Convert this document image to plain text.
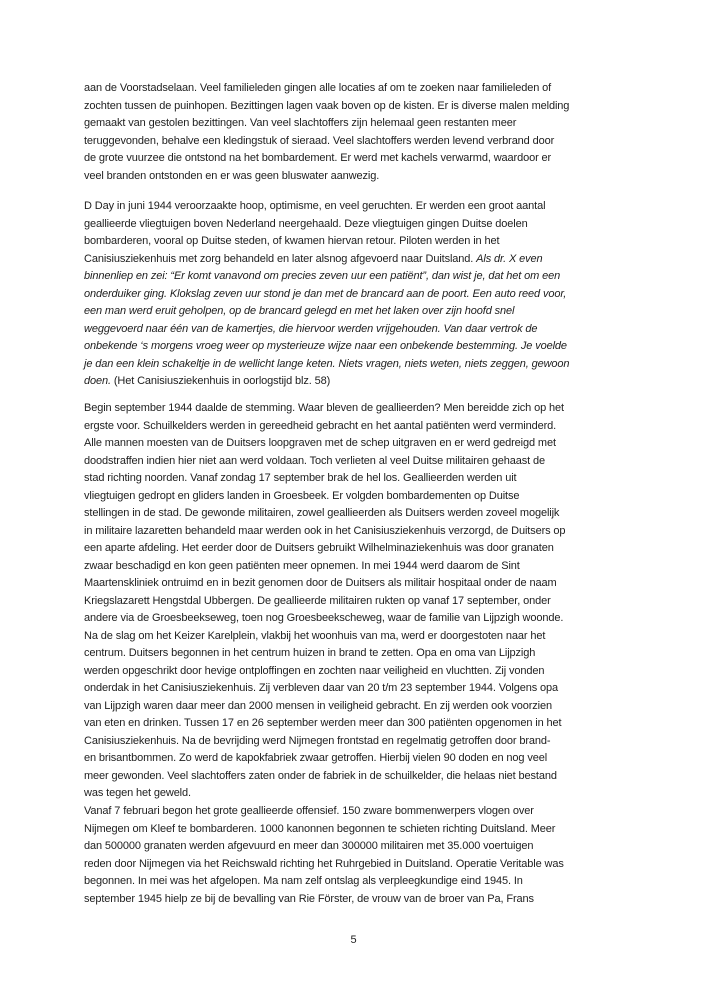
aan de Voorstadselaan. Veel familieleden gingen alle locaties af om te zoeken naar familieleden of
zochten tussen de puinhopen. Bezittingen lagen vaak boven op de kisten. Er is diverse malen melding
gemaakt van gestolen bezittingen. Van veel slachtoffers zijn helemaal geen restanten meer
teruggevonden, behalve een kledingstuk of sieraad. Veel slachtoffers werden levend verbrand door
de grote vuurzee die ontstond na het bombardement. Er werd met kachels verwarmd, waardoor er
veel branden ontstonden en er was geen bluswater aanwezig.
D Day in juni 1944 veroorzaakte hoop, optimisme, en veel geruchten. Er werden een groot aantal
geallieerde vliegtuigen boven Nederland neergehaald. Deze vliegtuigen gingen Duitse doelen
bombarderen, vooral op Duitse steden, of kwamen hiervan retour. Piloten werden in het
Canisiusziekenhuis met zorg behandeld en later alsnog afgevoerd naar Duitsland. Als dr. X even
binnenliep en zei: “Er komt vanavond om precies zeven uur een patiënt”, dan wist je, dat het om een
onderduiker ging. Klokslag zeven uur stond je dan met de brancard aan de poort. Een auto reed voor,
een man werd eruit geholpen, op de brancard gelegd en met het laken over zijn hoofd snel
weggevoerd naar één van de kamertjes, die hiervoor werden vrijgehouden. Van daar vertrok de
onbekende ‘s morgens vroeg weer op mysterieuze wijze naar een onbekende bestemming. Je voelde
je dan een klein schakeltje in de wellicht lange keten. Niets vragen, niets weten, niets zeggen, gewoon
doen. (Het Canisiusziekenhuis in oorlogstijd blz. 58)
Begin september 1944 daalde de stemming. Waar bleven de geallieerden? Men bereidde zich op het
ergste voor. Schuilkelders werden in gereedheid gebracht en het aantal patiënten werd verminderd.
Alle mannen moesten van de Duitsers loopgraven met de schep uitgraven en er werd gedreigd met
doodstraffen indien hier niet aan werd voldaan. Toch verlieten al veel Duitse militairen gehaast de
stad richting noorden. Vanaf zondag 17 september brak de hel los. Geallieerden werden uit
vliegtuigen gedropt en gliders landen in Groesbeek. Er volgden bombardementen op Duitse
stellingen in de stad. De gewonde militairen, zowel geallieerden als Duitsers werden zoveel mogelijk
in militaire lazaretten behandeld maar werden ook in het Canisiusziekenhuis verzorgd, de Duitsers op
een aparte afdeling. Het eerder door de Duitsers gebruikt Wilhelminaziekenhuis was door granaten
zwaar beschadigd en kon geen patiënten meer opnemen. In mei 1944 werd daarom de Sint
Maartenskliniek ontruimd en in bezit genomen door de Duitsers als militair hospitaal onder de naam
Kriegslazarett Hengstdal Ubbergen. De geallieerde militairen rukten op vanaf 17 september, onder
andere via de Groesbeekseweg, toen nog Groesbeekscheweg, waar de familie van Lijpzigh woonde.
Na de slag om het Keizer Karelplein, vlakbij het woonhuis van ma, werd er doorgestoten naar het
centrum. Duitsers begonnen in het centrum huizen in brand te zetten. Opa en oma van Lijpzigh
werden opgeschrikt door hevige ontploffingen en zochten naar veiligheid en vluchtten. Zij vonden
onderdak in het Canisiusziekenhuis. Zij verbleven daar van 20 t/m 23 september 1944. Volgens opa
van Lijpzigh waren daar meer dan 2000 mensen in veiligheid gebracht. En zij werden ook voorzien
van eten en drinken. Tussen 17 en 26 september werden meer dan 300 patiënten opgenomen in het
Canisiusziekenhuis. Na de bevrijding werd Nijmegen frontstad en regelmatig getroffen door brand-
en brisantbommen. Zo werd de kapokfabriek zwaar getroffen. Hierbij vielen 90 doden en nog veel
meer gewonden. Veel slachtoffers zaten onder de fabriek in de schuilkelder, die helaas niet bestand
was tegen het geweld.
Vanaf 7 februari begon het grote geallieerde offensief. 150 zware bommenwerpers vlogen over
Nijmegen om Kleef te bombarderen. 1000 kanonnen begonnen te schieten richting Duitsland. Meer
dan 500000 granaten werden afgevuurd en meer dan 300000 militairen met 35.000 voertuigen
reden door Nijmegen via het Reichswald richting het Ruhrgebied in Duitsland. Operatie Veritable was
begonnen. In mei was het afgelopen. Ma nam zelf ontslag als verpleegkundige eind 1945. In
september 1945 hielp ze bij de bevalling van Rie Förster, de vrouw van de broer van Pa, Frans
5
